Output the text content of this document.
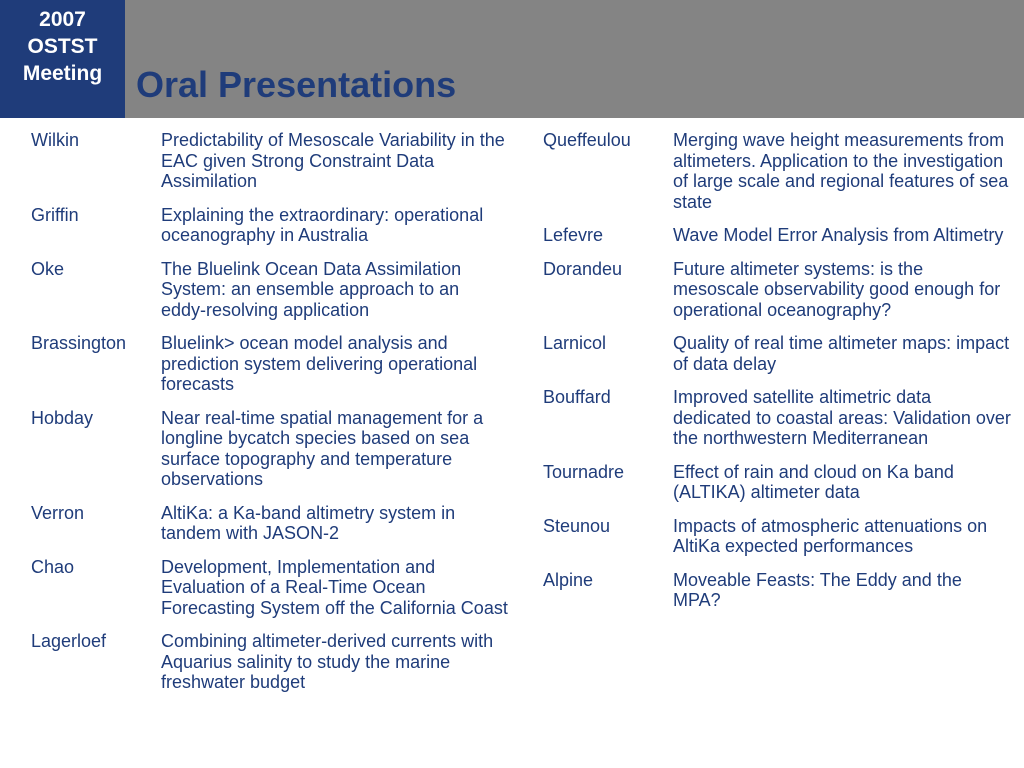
2007
OSTST
Meeting Oral Presentations
Wilkin	Predictability of Mesoscale Variability in the EAC given Strong Constraint Data Assimilation
Griffin	Explaining the extraordinary: operational oceanography in Australia
Oke	The Bluelink Ocean Data Assimilation System: an ensemble approach to an eddy-resolving application
Brassington	Bluelink> ocean model analysis and prediction system delivering operational forecasts
Hobday	Near real-time spatial management for a longline bycatch species based on sea surface topography and temperature observations
Verron	AltiKa: a Ka-band altimetry system in tandem with JASON-2
Chao	Development, Implementation and Evaluation of a Real-Time Ocean Forecasting System off the California Coast
Lagerloef	Combining altimeter-derived currents with Aquarius salinity to study the marine freshwater budget
Queffeulou	Merging wave height measurements from altimeters. Application to the investigation of large scale and regional features of sea state
Lefevre	Wave Model Error Analysis from Altimetry
Dorandeu	Future altimeter systems: is the mesoscale observability good enough for operational oceanography?
Larnicol	Quality of real time altimeter maps: impact of data delay
Bouffard	Improved satellite altimetric data dedicated to coastal areas: Validation over the northwestern Mediterranean
Tournadre	Effect of rain and cloud on Ka band (ALTIKA) altimeter data
Steunou	Impacts of atmospheric attenuations on AltiKa expected performances
Alpine	Moveable Feasts: The Eddy and the MPA?
